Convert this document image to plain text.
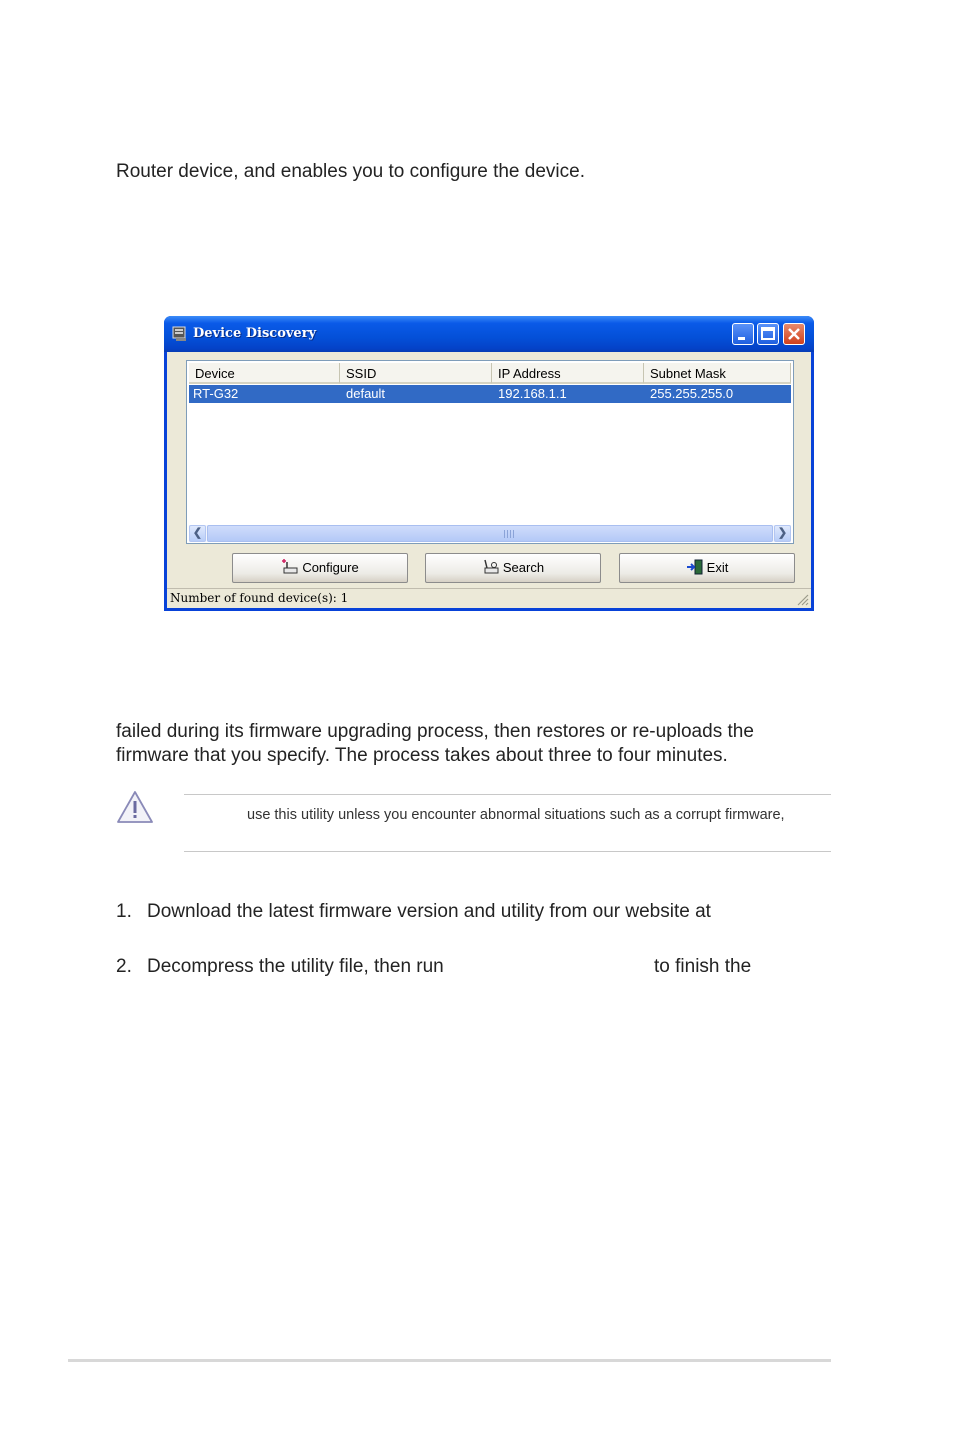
Router device, and enables you to configure the device.
Device Discovery
Device	SSID	IP Address	Subnet Mask
RT-G32	default	192.168.1.1	255.255.255.0
❮	❯
Configure	Search	Exit
Number of found device(s): 1
failed during its firmware upgrading process, then restores or re-uploads the firmware that you specify. The process takes about three to four minutes.
use this utility unless you encounter abnormal situations such as a corrupt firmware,
1. Download the latest firmware version and utility from our website at
2. Decompress the utility file, then run	to finish the
